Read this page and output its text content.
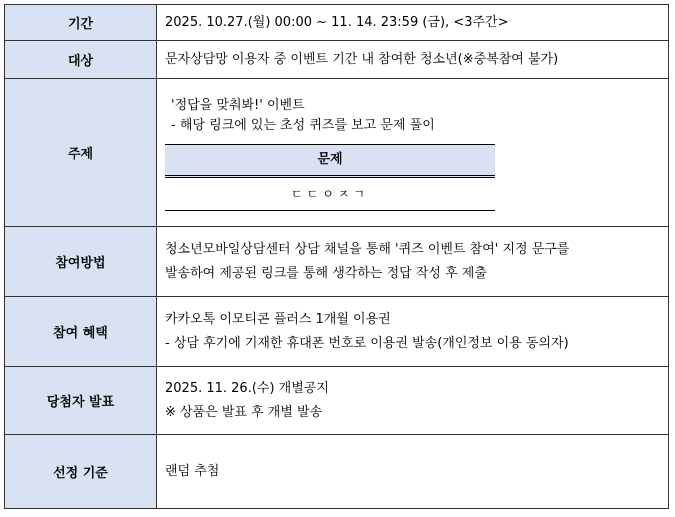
기간	2025. 10.27.(월) 00:00 ~ 11. 14. 23:59 (금), <3주간>
대상	문자상담망 이용자 중 이벤트 기간 내 참여한 청소년(※중복참여 불가)
주제	'정답을 맞춰봐!' 이벤트
- 해당 링크에 있는 초성 퀴즈를 보고 문제 풀이
문제
ㄷㄷㅇㅈㄱ

참여방법	청소년모바일상담센터 상담 채널을 통해 '퀴즈 이벤트 참여' 지정 문구를
발송하여 제공된 링크를 통해 생각하는 정답 작성 후 제출

참여 혜택	카카오톡 이모티콘 플러스 1개월 이용권
- 상담 후기에 기재한 휴대폰 번호로 이용권 발송(개인정보 이용 동의자)

당첨자 발표	2025. 11. 26.(수) 개별공지
※ 상품은 발표 후 개별 발송

선정 기준	랜덤 추첨
